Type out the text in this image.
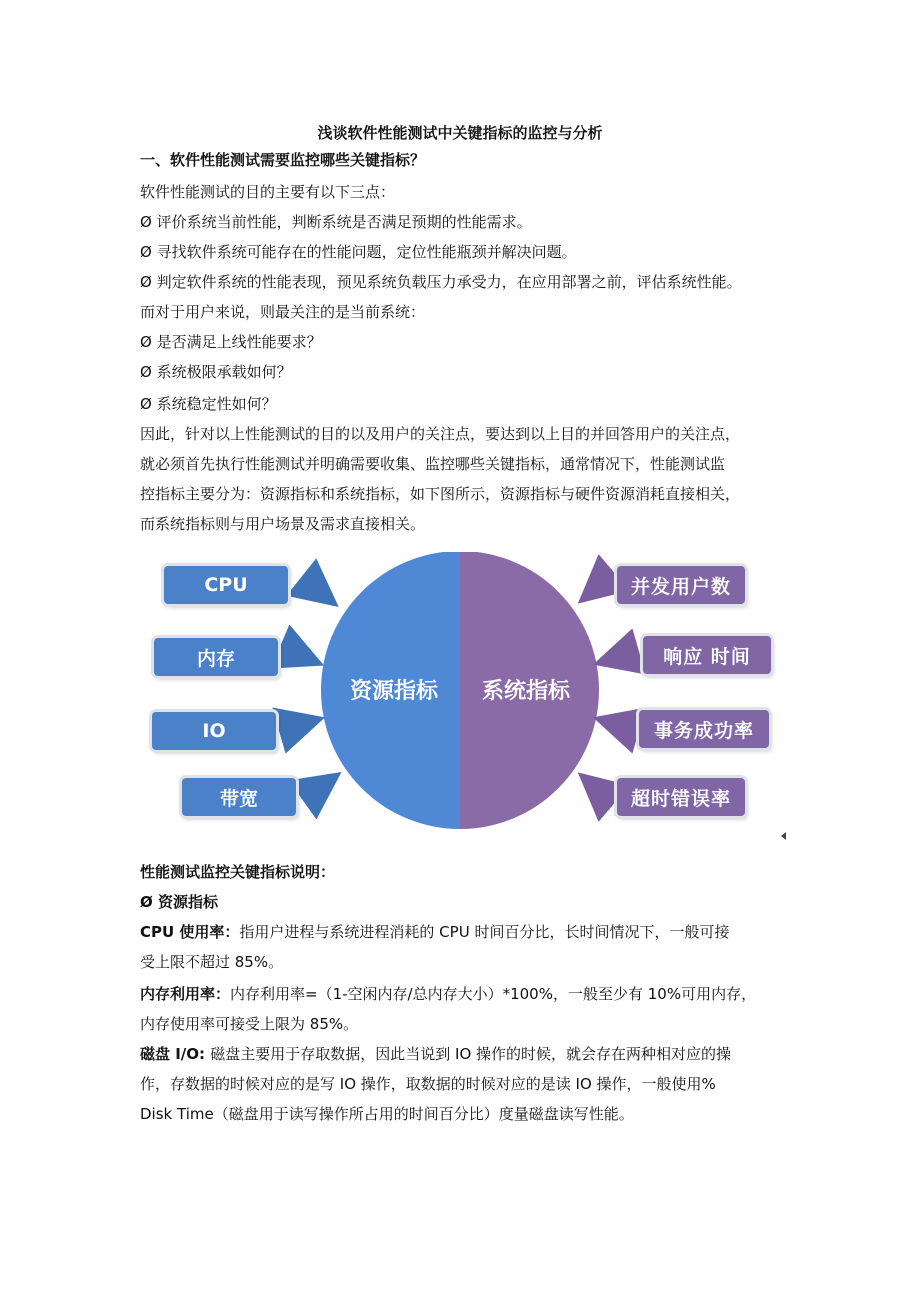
浅谈软件性能测试中关键指标的监控与分析
一、软件性能测试需要监控哪些关键指标？
软件性能测试的目的主要有以下三点：
Ø 评价系统当前性能，判断系统是否满足预期的性能需求。
Ø 寻找软件系统可能存在的性能问题，定位性能瓶颈并解决问题。
Ø 判定软件系统的性能表现，预见系统负载压力承受力，在应用部署之前，评估系统性能。
而对于用户来说，则最关注的是当前系统：
Ø 是否满足上线性能要求？
Ø 系统极限承载如何？
Ø 系统稳定性如何？
因此，针对以上性能测试的目的以及用户的关注点，要达到以上目的并回答用户的关注点，
就必须首先执行性能测试并明确需要收集、监控哪些关键指标，通常情况下，性能测试监
控指标主要分为：资源指标和系统指标，如下图所示，资源指标与硬件资源消耗直接相关，
而系统指标则与用户场景及需求直接相关。
资源指标 系统指标
CPU
内存
IO
带宽
并发用户数
响应 时间
事务成功率
超时错误率
性能测试监控关键指标说明：
Ø 资源指标
CPU 使用率：指用户进程与系统进程消耗的 CPU 时间百分比，长时间情况下，一般可接
受上限不超过 85%。
内存利用率：内存利用率=（1-空闲内存/总内存大小）*100%，一般至少有 10%可用内存，
内存使用率可接受上限为 85%。
磁盘 I/O: 磁盘主要用于存取数据，因此当说到 IO 操作的时候，就会存在两种相对应的操
作，存数据的时候对应的是写 IO 操作，取数据的时候对应的是读 IO 操作，一般使用%
Disk Time（磁盘用于读写操作所占用的时间百分比）度量磁盘读写性能。
